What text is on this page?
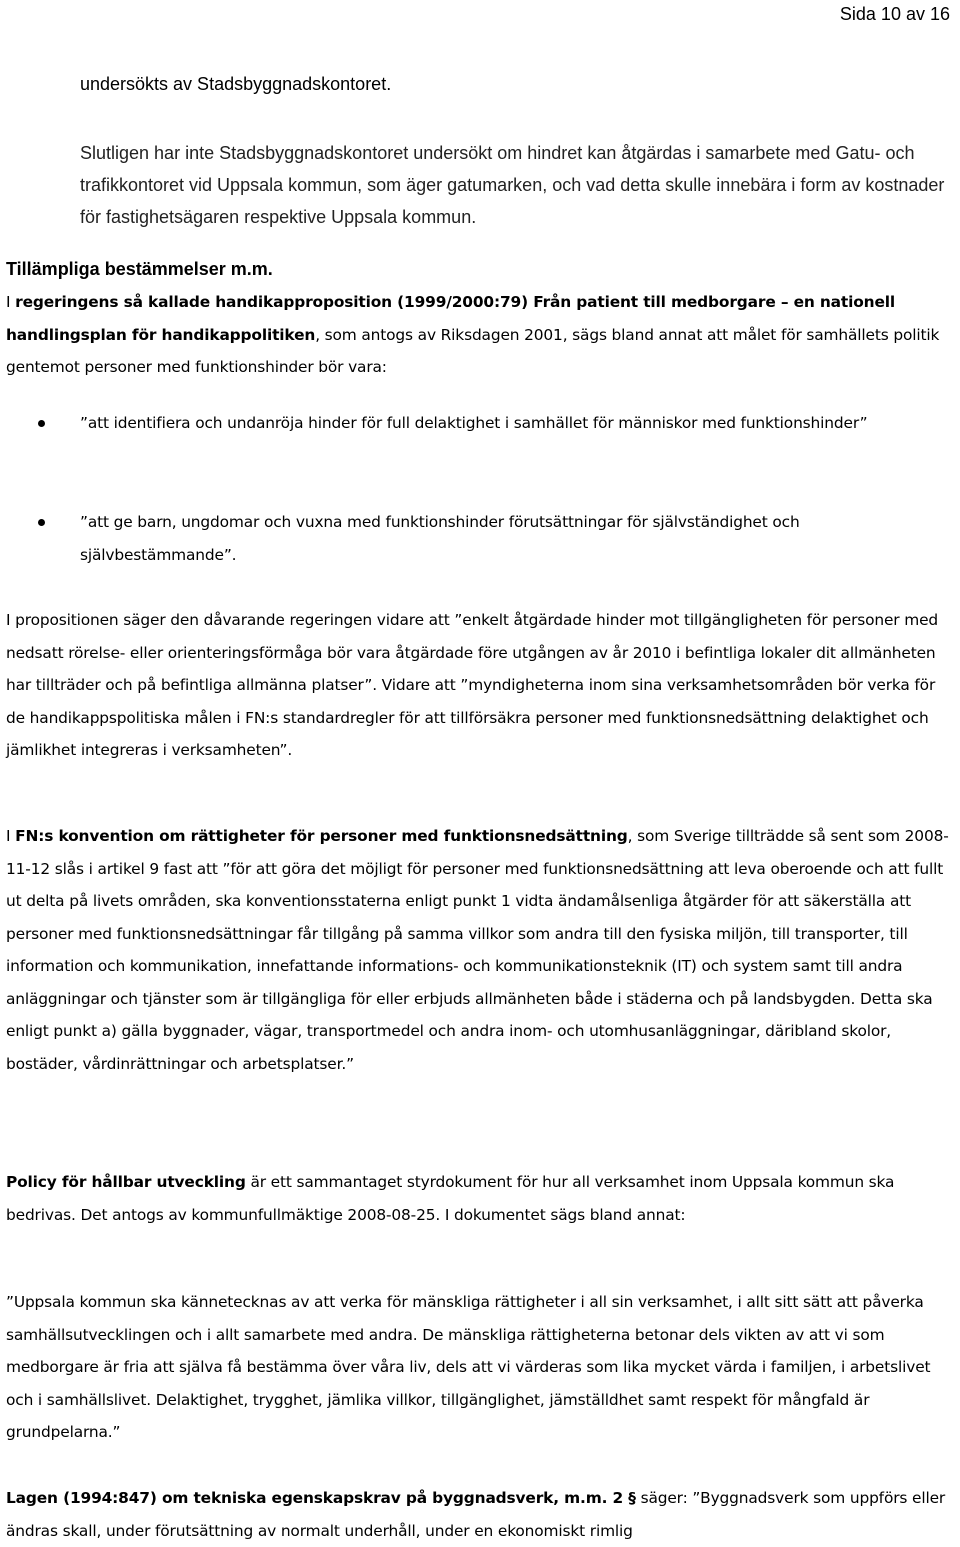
Sida 10 av 16
undersökts av Stadsbyggnadskontoret.
Slutligen har inte Stadsbyggnadskontoret undersökt om hindret kan åtgärdas i samarbete med Gatu- och trafikkontoret vid Uppsala kommun, som äger gatumarken, och vad detta skulle innebära i form av kostnader för fastighetsägaren respektive Uppsala kommun.
Tillämpliga bestämmelser m.m.
I regeringens så kallade handikapproposition (1999/2000:79) Från patient till medborgare – en nationell handlingsplan för handikappolitiken, som antogs av Riksdagen 2001, sägs bland annat att målet för samhällets politik gentemot personer med funktionshinder bör vara:
”att identifiera och undanröja hinder för full delaktighet i samhället för människor med funktionshinder”
”att ge barn, ungdomar och vuxna med funktionshinder förutsättningar för självständighet och självbestämmande”.
I propositionen säger den dåvarande regeringen vidare att ”enkelt åtgärdade hinder mot tillgängligheten för personer med nedsatt rörelse- eller orienteringsförmåga bör vara åtgärdade före utgången av år 2010 i befintliga lokaler dit allmänheten har tillträder och på befintliga allmänna platser”. Vidare att ”myndigheterna inom sina verksamhetsområden bör verka för de handikappspolitiska målen i FN:s standardregler för att tillförsäkra personer med funktionsnedsättning delaktighet och jämlikhet integreras i verksamheten”.
I FN:s konvention om rättigheter för personer med funktionsnedsättning, som Sverige tillträdde så sent som 2008-11-12 slås i artikel 9 fast att ”för att göra det möjligt för personer med funktionsnedsättning att leva oberoende och att fullt ut delta på livets områden, ska konventionsstaterna enligt punkt 1 vidta ändamålsenliga åtgärder för att säkerställa att personer med funktionsnedsättningar får tillgång på samma villkor som andra till den fysiska miljön, till transporter, till information och kommunikation, innefattande informations- och kommunikationsteknik (IT) och system samt till andra anläggningar och tjänster som är tillgängliga för eller erbjuds allmänheten både i städerna och på landsbygden. Detta ska enligt punkt a) gälla byggnader, vägar, transportmedel och andra inom- och utomhusanläggningar, däribland skolor, bostäder, vårdinrättningar och arbetsplatser.”
Policy för hållbar utveckling är ett sammantaget styrdokument för hur all verksamhet inom Uppsala kommun ska bedrivas. Det antogs av kommunfullmäktige 2008-08-25. I dokumentet sägs bland annat:
”Uppsala kommun ska kännetecknas av att verka för mänskliga rättigheter i all sin verksamhet, i allt sitt sätt att påverka samhällsutvecklingen och i allt samarbete med andra. De mänskliga rättigheterna betonar dels vikten av att vi som medborgare är fria att själva få bestämma över våra liv, dels att vi värderas som lika mycket värda i familjen, i arbetslivet och i samhällslivet. Delaktighet, trygghet, jämlika villkor, tillgänglighet, jämställdhet samt respekt för mångfald är grundpelarna.”
Lagen (1994:847) om tekniska egenskapskrav på byggnadsverk, m.m. 2 § säger: ”Byggnadsverk som uppförs eller ändras skall, under förutsättning av normalt underhåll, under en ekonomiskt rimlig
